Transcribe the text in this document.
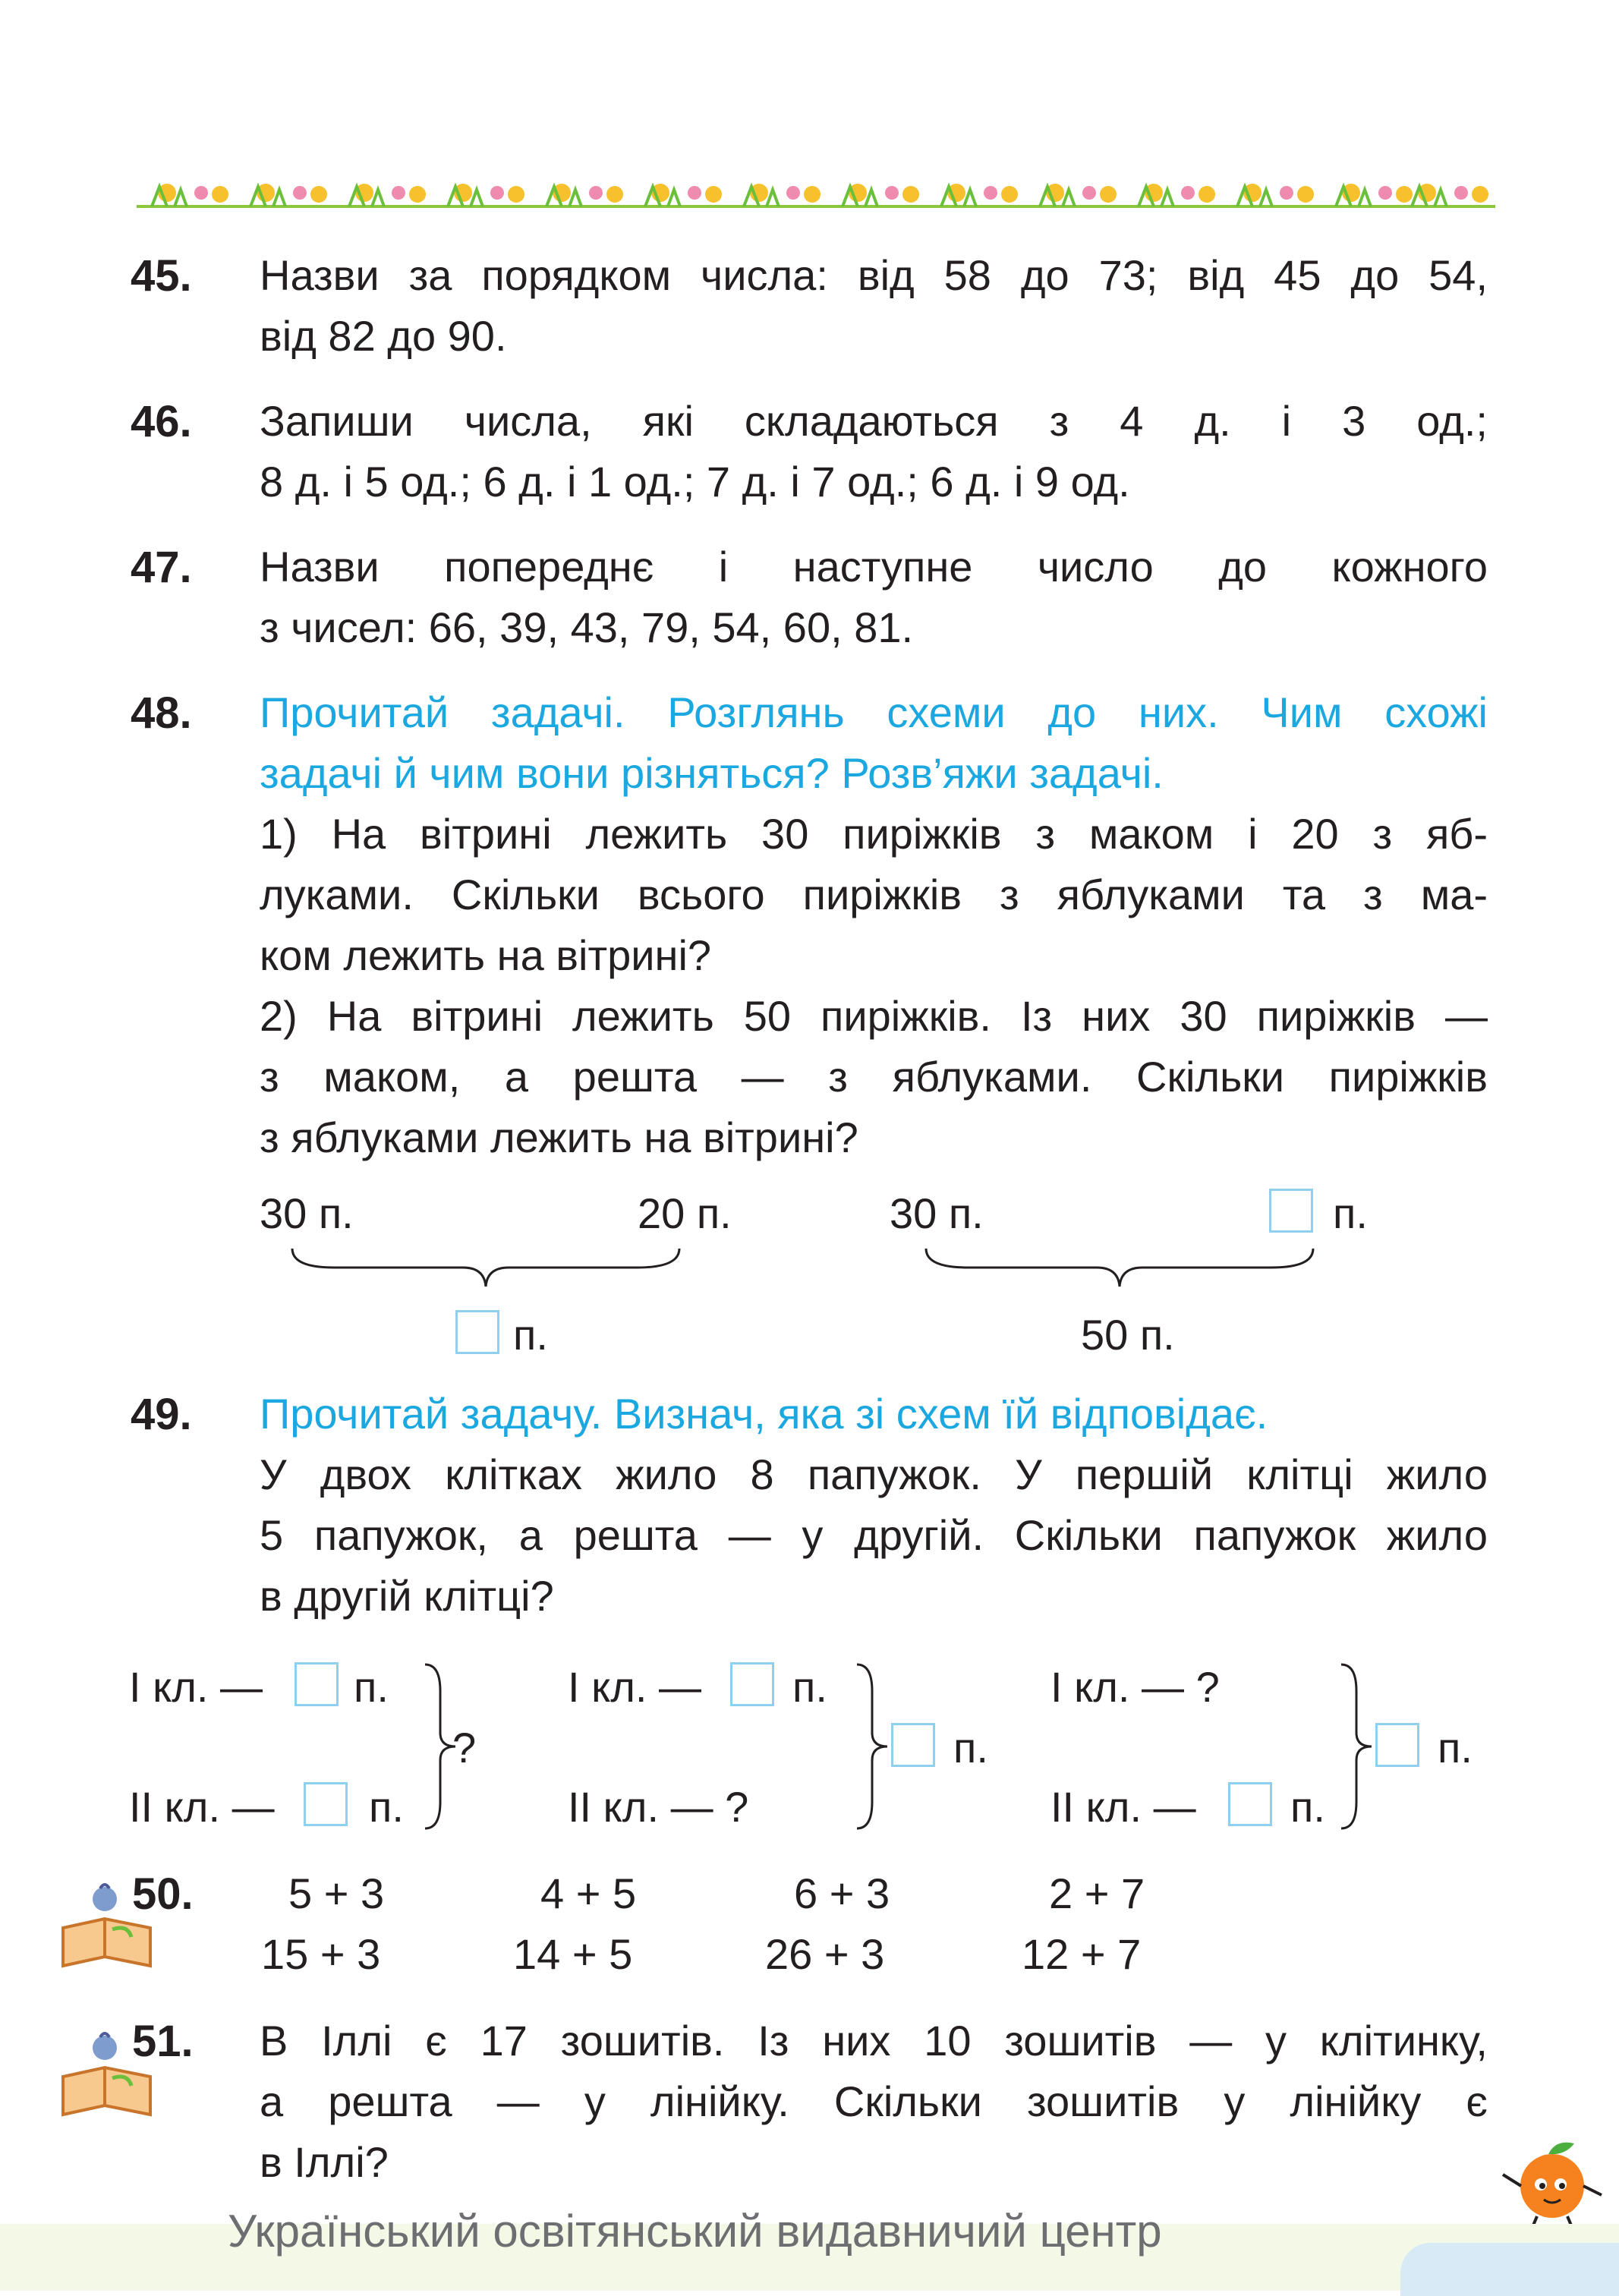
45. Назви за порядком числа: від 58 до 73; від 45 до 54,
від 82 до 90.
46. Запиши числа, які складаються з 4 д. і 3 од.;
8 д. і 5 од.; 6 д. і 1 од.; 7 д. і 7 од.; 6 д. і 9 од.
47. Назви попереднє і наступне число до кожного
з чисел: 66, 39, 43, 79, 54, 60, 81.
48. Прочитай задачі. Розглянь схеми до них. Чим схожі
задачі й чим вони різняться? Розв’яжи задачі.
1) На вітрині лежить 30 пиріжків з маком і 20 з яб-
луками. Скільки всього пиріжків з яблуками та з ма-
ком лежить на вітрині?
2) На вітрині лежить 50 пиріжків. Із них 30 пиріжків —
з маком, а решта — з яблуками. Скільки пиріжків
з яблуками лежить на вітрині?
30 п.	20 п.
п.
30 п.	п.
50 п.
49. Прочитай задачу. Визнач, яка зі схем їй відповідає.
У двох клітках жило 8 папужок. У першій клітці жило
5 папужок, а решта — у другій. Скільки папужок жило
в другій клітці?
І кл. — п.
ІІ кл. — п.
?
І кл. — п.
ІІ кл. — ?
п.
І кл. — ?
ІІ кл. — п.
п.
50. 5 + 3	4 + 5	6 + 3	2 + 7
15 + 3	14 + 5	26 + 3	12 + 7
51. В Іллі є 17 зошитів. Із них 10 зошитів — у клітинку,
а решта — у лінійку. Скільки зошитів у лінійку є
в Іллі?
Український освітянський видавничий центр
